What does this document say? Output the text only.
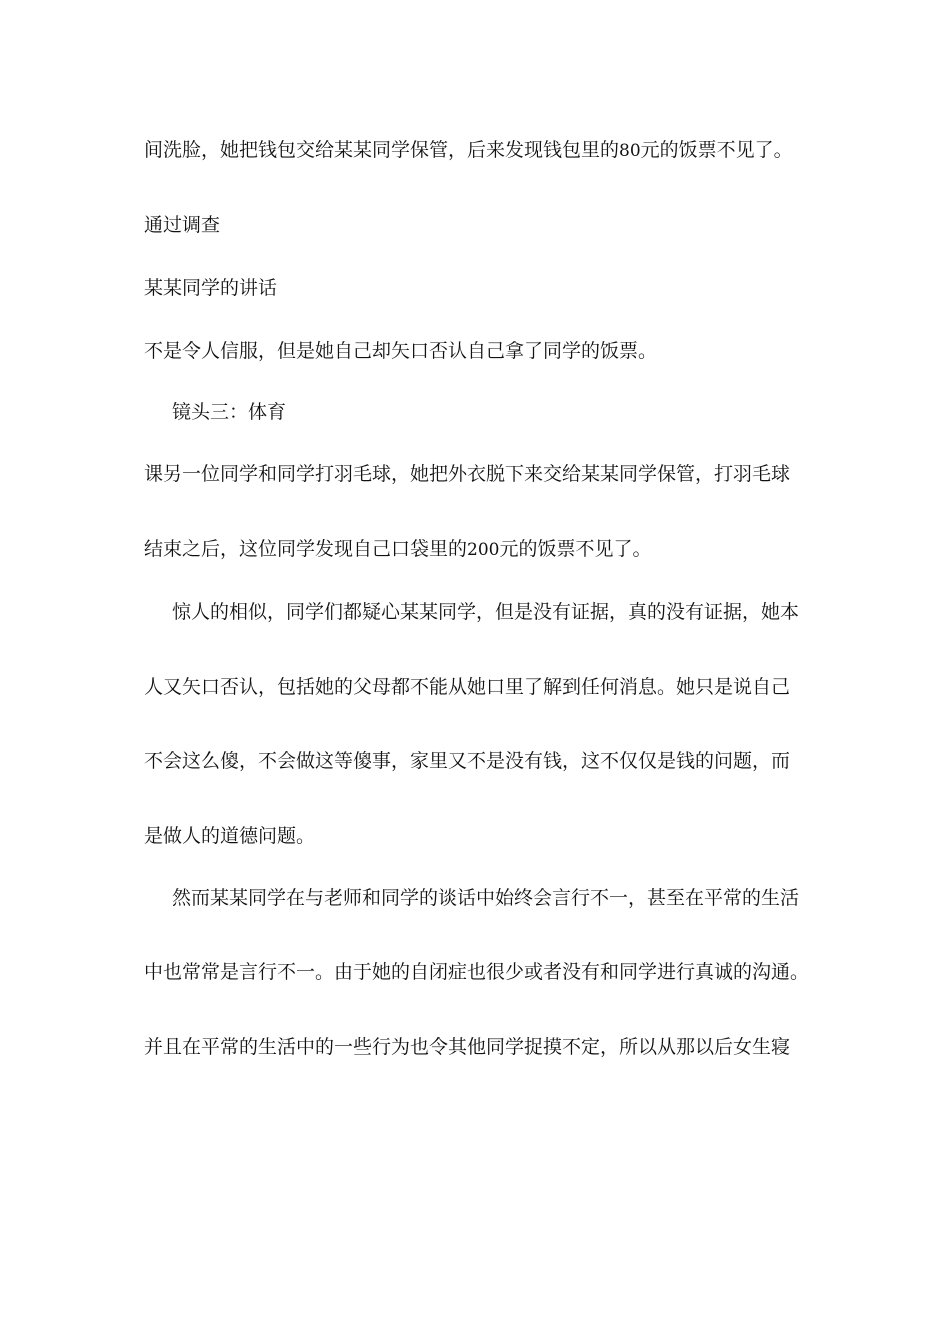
间洗脸，她把钱包交给某某同学保管，后来发现钱包里的80元的饭票不见了。
通过调查
某某同学的讲话
不是令人信服，但是她自己却矢口否认自己拿了同学的饭票。
镜头三：体育
课另一位同学和同学打羽毛球，她把外衣脱下来交给某某同学保管，打羽毛球
结束之后，这位同学发现自己口袋里的200元的饭票不见了。
惊人的相似，同学们都疑心某某同学，但是没有证据，真的没有证据，她本
人又矢口否认，包括她的父母都不能从她口里了解到任何消息。她只是说自己
不会这么傻，不会做这等傻事，家里又不是没有钱，这不仅仅是钱的问题，而
是做人的道德问题。
然而某某同学在与老师和同学的谈话中始终会言行不一，甚至在平常的生活
中也常常是言行不一。由于她的自闭症也很少或者没有和同学进行真诚的沟通。
并且在平常的生活中的一些行为也令其他同学捉摸不定，所以从那以后女生寝
